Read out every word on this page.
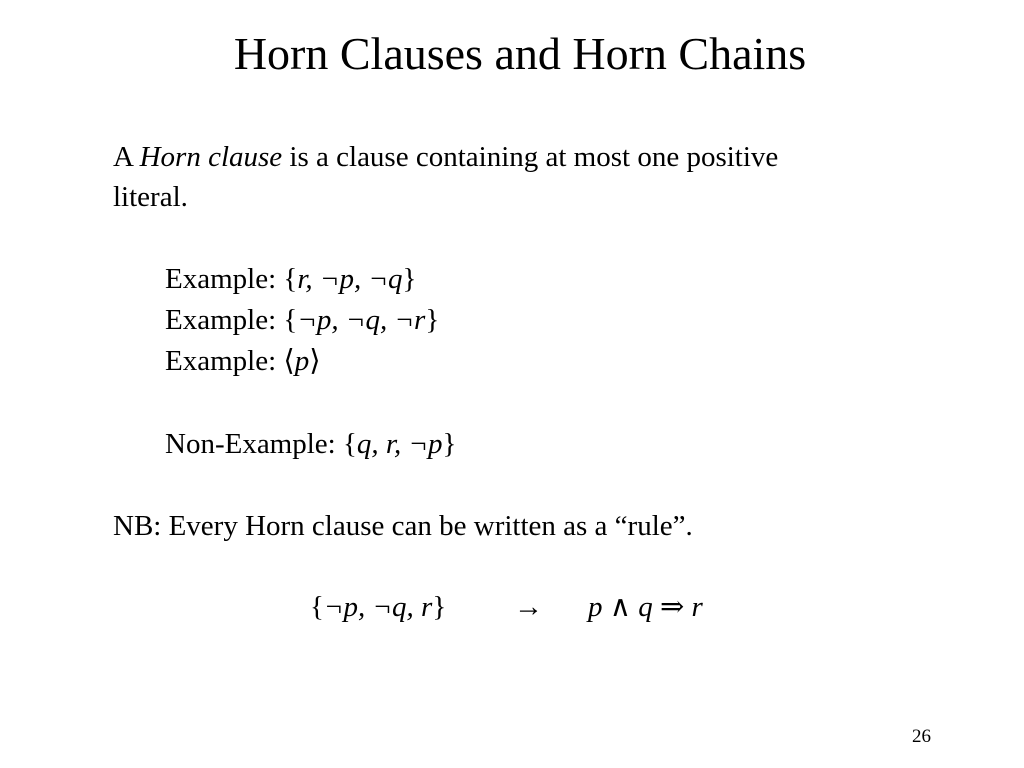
Horn Clauses and Horn Chains
A Horn clause is a clause containing at most one positive
literal.
Example: {r, ¬p, ¬q}
Example: {¬p, ¬q, ¬r}
Example: ⟨p⟩
Non-Example: {q, r, ¬p}
NB: Every Horn clause can be written as a “rule”.
{¬p, ¬q, r} → p ∧ q ⇒ r
26
